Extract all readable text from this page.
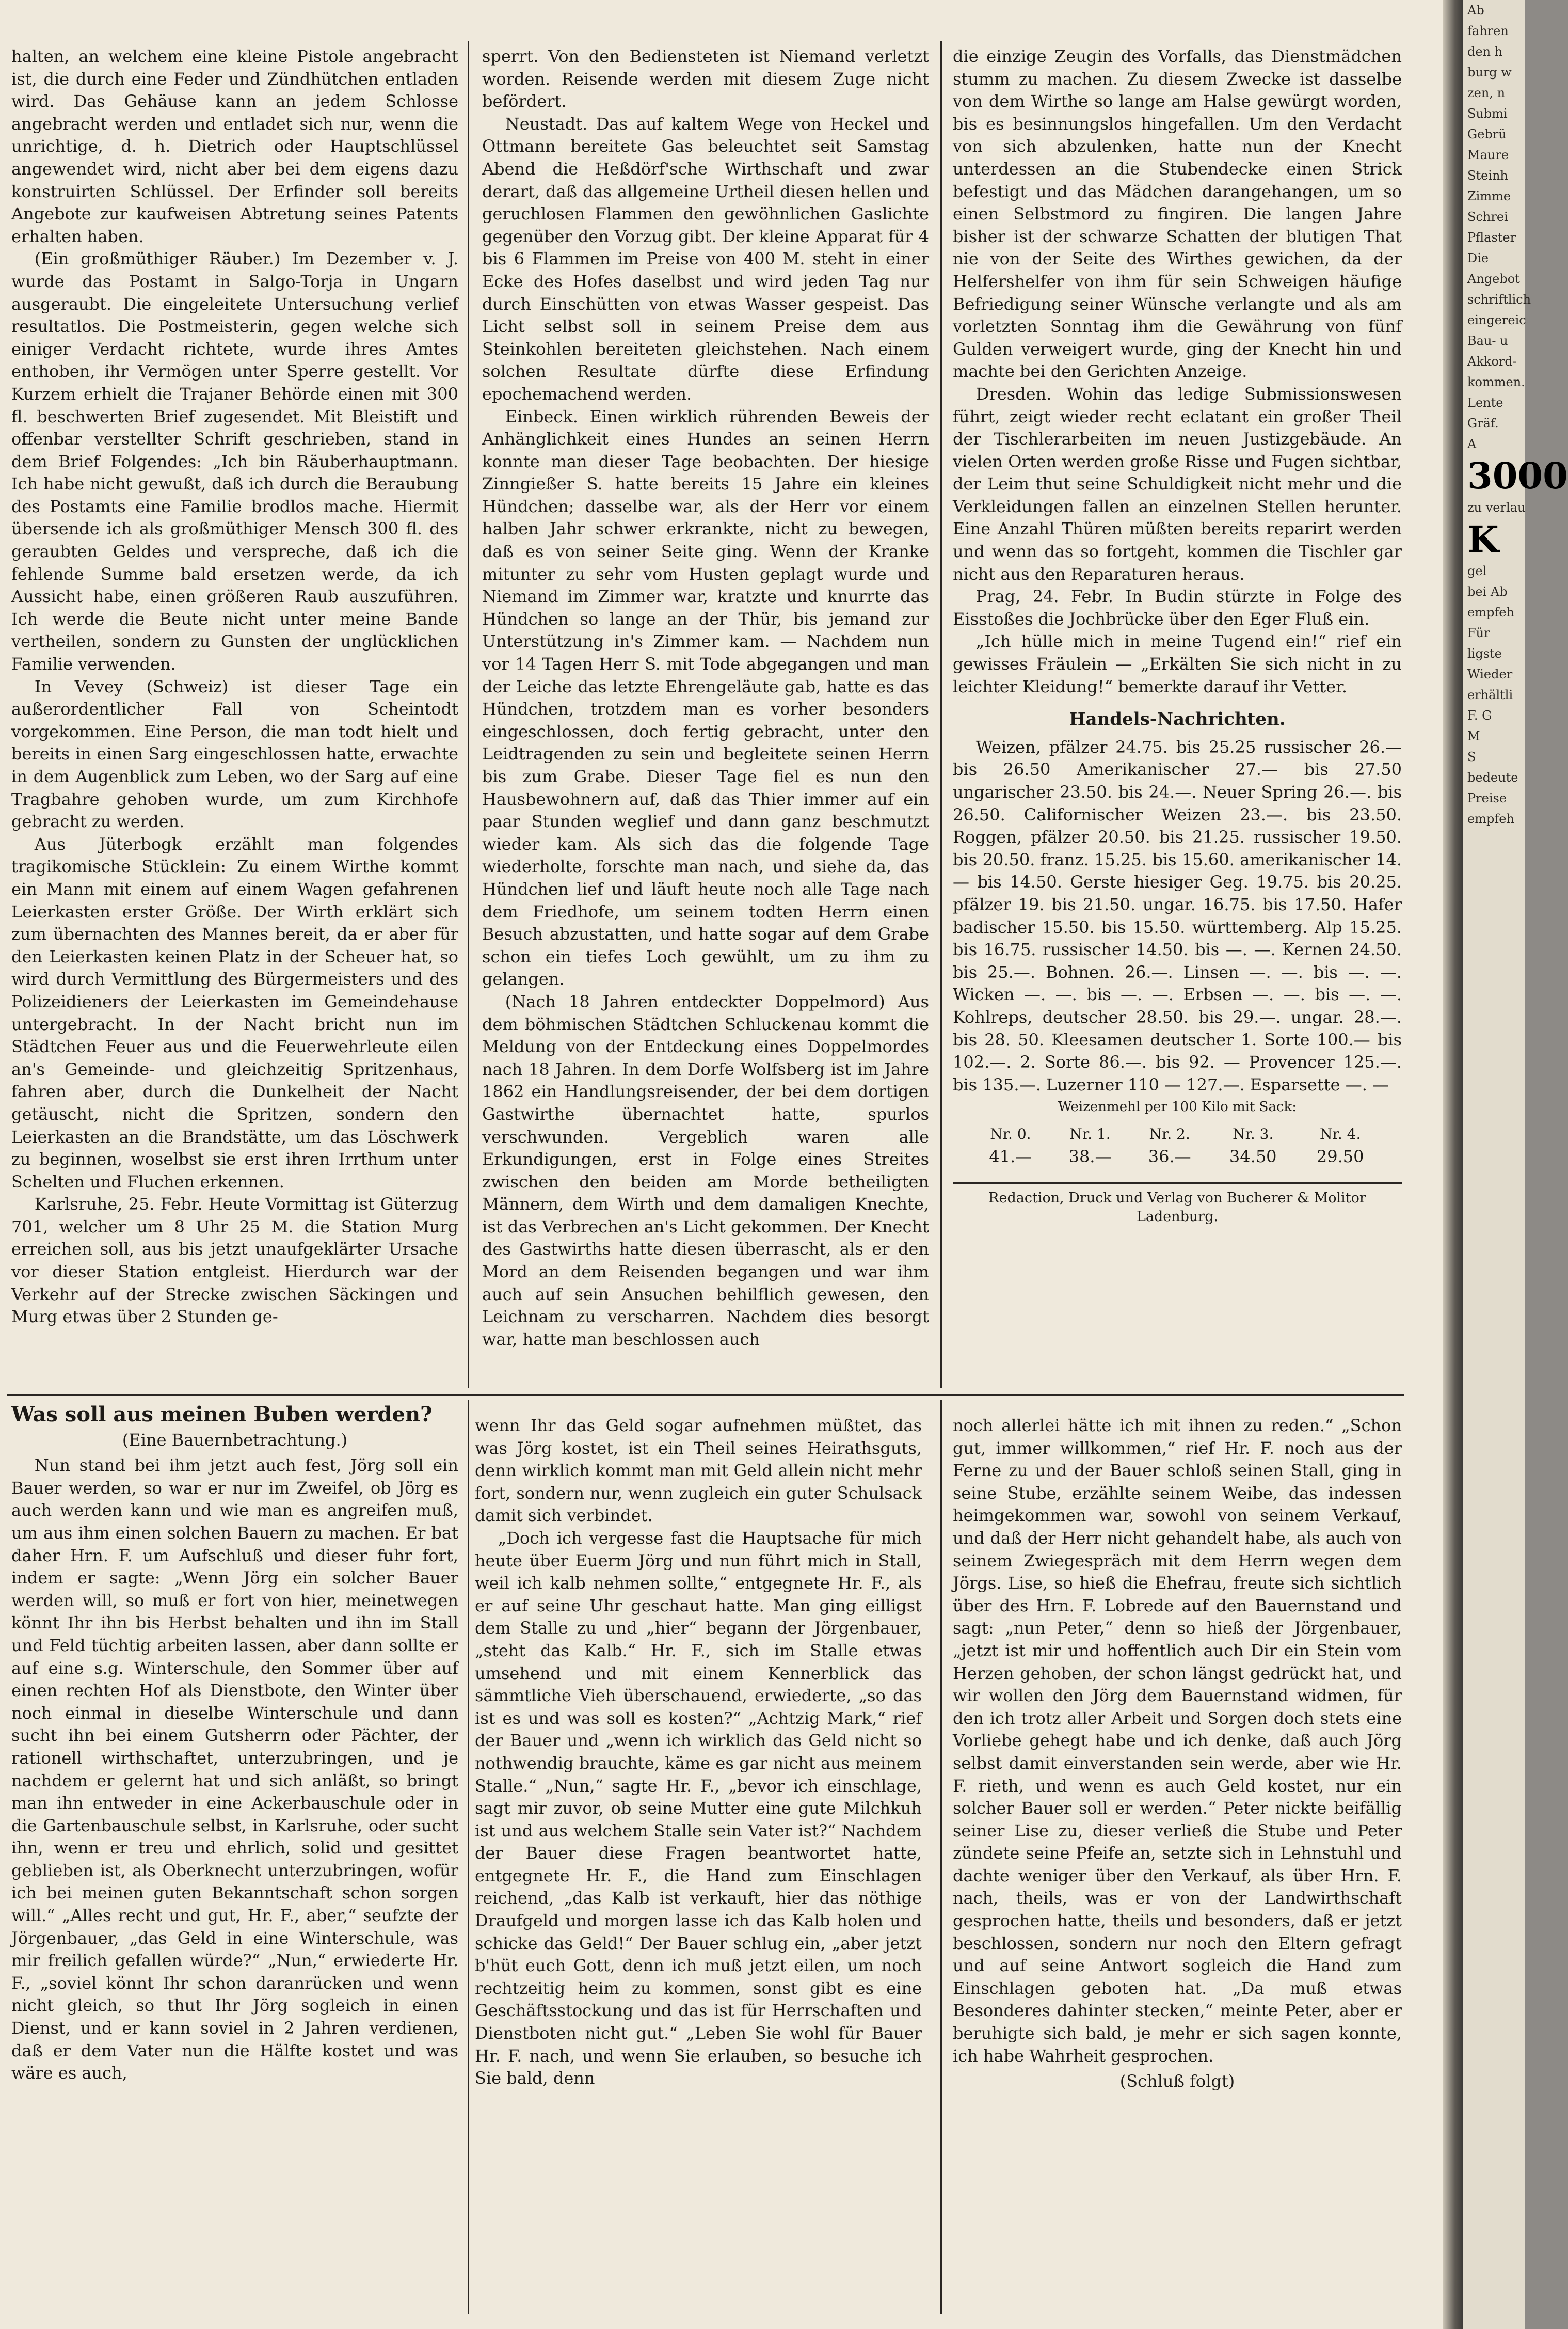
halten, an welchem eine kleine Pistole angebracht ist, die durch eine Feder und Zündhütchen entladen wird. Das Gehäuse kann an jedem Schlosse angebracht werden und entladet sich nur, wenn die unrichtige, d. h. Dietrich oder Hauptschlüssel angewendet wird, nicht aber bei dem eigens dazu konstruirten Schlüssel. Der Erfinder soll bereits Angebote zur kaufweisen Abtretung seines Patents erhalten haben.

(Ein großmüthiger Räuber.) Im Dezember v. J. wurde das Postamt in Salgo-Torja in Ungarn ausgeraubt. Die eingeleitete Untersuchung verlief resultatlos. Die Postmeisterin, gegen welche sich einiger Verdacht richtete, wurde ihres Amtes enthoben, ihr Vermögen unter Sperre gestellt. Vor Kurzem erhielt die Trajaner Behörde einen mit 300 fl. beschwerten Brief zugesendet. Mit Bleistift und offenbar verstellter Schrift geschrieben, stand in dem Brief Folgendes: „Ich bin Räuberhauptmann. Ich habe nicht gewußt, daß ich durch die Beraubung des Postamts eine Familie brodlos mache. Hiermit übersende ich als großmüthiger Mensch 300 fl. des geraubten Geldes und verspreche, daß ich die fehlende Summe bald ersetzen werde, da ich Aussicht habe, einen größeren Raub auszuführen. Ich werde die Beute nicht unter meine Bande vertheilen, sondern zu Gunsten der unglücklichen Familie verwenden.

In Vevey (Schweiz) ist dieser Tage ein außerordentlicher Fall von Scheintodt vorgekommen. Eine Person, die man todt hielt und bereits in einen Sarg eingeschlossen hatte, erwachte in dem Augenblick zum Leben, wo der Sarg auf eine Tragbahre gehoben wurde, um zum Kirchhofe gebracht zu werden.

Aus Jüterbogk erzählt man folgendes tragikomische Stücklein: Zu einem Wirthe kommt ein Mann mit einem auf einem Wagen gefahrenen Leierkasten erster Größe. Der Wirth erklärt sich zum übernachten des Mannes bereit, da er aber für den Leierkasten keinen Platz in der Scheuer hat, so wird durch Vermittlung des Bürgermeisters und des Polizeidieners der Leierkasten im Gemeindehause untergebracht. In der Nacht bricht nun im Städtchen Feuer aus und die Feuerwehrleute eilen an's Gemeinde- und gleichzeitig Spritzenhaus, fahren aber, durch die Dunkelheit der Nacht getäuscht, nicht die Spritzen, sondern den Leierkasten an die Brandstätte, um das Löschwerk zu beginnen, woselbst sie erst ihren Irrthum unter Schelten und Fluchen erkennen.

Karlsruhe, 25. Febr. Heute Vormittag ist Güterzug 701, welcher um 8 Uhr 25 M. die Station Murg erreichen soll, aus bis jetzt unaufgeklärter Ursache vor dieser Station entgleist. Hierdurch war der Verkehr auf der Strecke zwischen Säckingen und Murg etwas über 2 Stunden ge-

sperrt. Von den Bediensteten ist Niemand verletzt worden. Reisende werden mit diesem Zuge nicht befördert.

Neustadt. Das auf kaltem Wege von Heckel und Ottmann bereitete Gas beleuchtet seit Samstag Abend die Heßdörf'sche Wirthschaft und zwar derart, daß das allgemeine Urtheil diesen hellen und geruchlosen Flammen den gewöhnlichen Gaslichte gegenüber den Vorzug gibt. Der kleine Apparat für 4 bis 6 Flammen im Preise von 400 M. steht in einer Ecke des Hofes daselbst und wird jeden Tag nur durch Einschütten von etwas Wasser gespeist. Das Licht selbst soll in seinem Preise dem aus Steinkohlen bereiteten gleichstehen. Nach einem solchen Resultate dürfte diese Erfindung epochemachend werden.

Einbeck. Einen wirklich rührenden Beweis der Anhänglichkeit eines Hundes an seinen Herrn konnte man dieser Tage beobachten. Der hiesige Zinngießer S. hatte bereits 15 Jahre ein kleines Hündchen; dasselbe war, als der Herr vor einem halben Jahr schwer erkrankte, nicht zu bewegen, daß es von seiner Seite ging. Wenn der Kranke mitunter zu sehr vom Husten geplagt wurde und Niemand im Zimmer war, kratzte und knurrte das Hündchen so lange an der Thür, bis jemand zur Unterstützung in's Zimmer kam. — Nachdem nun vor 14 Tagen Herr S. mit Tode abgegangen und man der Leiche das letzte Ehrengeläute gab, hatte es das Hündchen, trotzdem man es vorher besonders eingeschlossen, doch fertig gebracht, unter den Leidtragenden zu sein und begleitete seinen Herrn bis zum Grabe. Dieser Tage fiel es nun den Hausbewohnern auf, daß das Thier immer auf ein paar Stunden weglief und dann ganz beschmutzt wieder kam. Als sich das die folgende Tage wiederholte, forschte man nach, und siehe da, das Hündchen lief und läuft heute noch alle Tage nach dem Friedhofe, um seinem todten Herrn einen Besuch abzustatten, und hatte sogar auf dem Grabe schon ein tiefes Loch gewühlt, um zu ihm zu gelangen.

(Nach 18 Jahren entdeckter Doppelmord) Aus dem böhmischen Städtchen Schluckenau kommt die Meldung von der Entdeckung eines Doppelmordes nach 18 Jahren. In dem Dorfe Wolfsberg ist im Jahre 1862 ein Handlungsreisender, der bei dem dortigen Gastwirthe übernachtet hatte, spurlos verschwunden. Vergeblich waren alle Erkundigungen, erst in Folge eines Streites zwischen den beiden am Morde betheiligten Männern, dem Wirth und dem damaligen Knechte, ist das Verbrechen an's Licht gekommen. Der Knecht des Gastwirths hatte diesen überrascht, als er den Mord an dem Reisenden begangen und war ihm auch auf sein Ansuchen behilflich gewesen, den Leichnam zu verscharren. Nachdem dies besorgt war, hatte man beschlossen auch

die einzige Zeugin des Vorfalls, das Dienstmädchen stumm zu machen. Zu diesem Zwecke ist dasselbe von dem Wirthe so lange am Halse gewürgt worden, bis es besinnungslos hingefallen. Um den Verdacht von sich abzulenken, hatte nun der Knecht unterdessen an die Stubendecke einen Strick befestigt und das Mädchen darangehangen, um so einen Selbstmord zu fingiren. Die langen Jahre bisher ist der schwarze Schatten der blutigen That nie von der Seite des Wirthes gewichen, da der Helfershelfer von ihm für sein Schweigen häufige Befriedigung seiner Wünsche verlangte und als am vorletzten Sonntag ihm die Gewährung von fünf Gulden verweigert wurde, ging der Knecht hin und machte bei den Gerichten Anzeige.

Dresden. Wohin das ledige Submissionswesen führt, zeigt wieder recht eclatant ein großer Theil der Tischlerarbeiten im neuen Justizgebäude. An vielen Orten werden große Risse und Fugen sichtbar, der Leim thut seine Schuldigkeit nicht mehr und die Verkleidungen fallen an einzelnen Stellen herunter. Eine Anzahl Thüren müßten bereits reparirt werden und wenn das so fortgeht, kommen die Tischler gar nicht aus den Reparaturen heraus.

Prag, 24. Febr. In Budin stürzte in Folge des Eisstoßes die Jochbrücke über den Eger Fluß ein.

„Ich hülle mich in meine Tugend ein!“ rief ein gewisses Fräulein — „Erkälten Sie sich nicht in zu leichter Kleidung!“ bemerkte darauf ihr Vetter.

Handels-Nachrichten.

Weizen, pfälzer 24.75. bis 25.25 russischer 26.— bis 26.50 Amerikanischer 27.— bis 27.50 ungarischer 23.50. bis 24.—. Neuer Spring 26.—. bis 26.50. Californischer Weizen 23.—. bis 23.50. Roggen, pfälzer 20.50. bis 21.25. russischer 19.50. bis 20.50. franz. 15.25. bis 15.60. amerikanischer 14.— bis 14.50. Gerste hiesiger Geg. 19.75. bis 20.25. pfälzer 19. bis 21.50. ungar. 16.75. bis 17.50. Hafer badischer 15.50. bis 15.50. württemberg. Alp 15.25. bis 16.75. russischer 14.50. bis —. —. Kernen 24.50. bis 25.—. Bohnen. 26.—. Linsen —. —. bis —. —. Wicken —. —. bis —. —. Erbsen —. —. bis —. —. Kohlreps, deutscher 28.50. bis 29.—. ungar. 28.—. bis 28. 50. Kleesamen deutscher 1. Sorte 100.— bis 102.—. 2. Sorte 86.—. bis 92. — Provencer 125.—. bis 135.—. Luzerner 110 — 127.—. Esparsette —. —

Weizenmehl per 100 Kilo mit Sack:
Nr. 0.	Nr. 1.	Nr. 2.	Nr. 3.	Nr. 4.
41.—	38.—	36.—	34.50	29.50
Redaction, Druck und Verlag von Bucherer & Molitor Ladenburg.

Was soll aus meinen Buben werden?

(Eine Bauernbetrachtung.)

Nun stand bei ihm jetzt auch fest, Jörg soll ein Bauer werden, so war er nur im Zweifel, ob Jörg es auch werden kann und wie man es angreifen muß, um aus ihm einen solchen Bauern zu machen. Er bat daher Hrn. F. um Aufschluß und dieser fuhr fort, indem er sagte: „Wenn Jörg ein solcher Bauer werden will, so muß er fort von hier, meinetwegen könnt Ihr ihn bis Herbst behalten und ihn im Stall und Feld tüchtig arbeiten lassen, aber dann sollte er auf eine s.g. Winterschule, den Sommer über auf einen rechten Hof als Dienstbote, den Winter über noch einmal in dieselbe Winterschule und dann sucht ihn bei einem Gutsherrn oder Pächter, der rationell wirthschaftet, unterzubringen, und je nachdem er gelernt hat und sich anläßt, so bringt man ihn entweder in eine Ackerbauschule oder in die Gartenbauschule selbst, in Karlsruhe, oder sucht ihn, wenn er treu und ehrlich, solid und gesittet geblieben ist, als Oberknecht unterzubringen, wofür ich bei meinen guten Bekanntschaft schon sorgen will.“ „Alles recht und gut, Hr. F., aber,“ seufzte der Jörgenbauer, „das Geld in eine Winterschule, was mir freilich gefallen würde?“ „Nun,“ erwiederte Hr. F., „soviel könnt Ihr schon daranrücken und wenn nicht gleich, so thut Ihr Jörg sogleich in einen Dienst, und er kann soviel in 2 Jahren verdienen, daß er dem Vater nun die Hälfte kostet und was wäre es auch,

wenn Ihr das Geld sogar aufnehmen müßtet, das was Jörg kostet, ist ein Theil seines Heirathsguts, denn wirklich kommt man mit Geld allein nicht mehr fort, sondern nur, wenn zugleich ein guter Schulsack damit sich verbindet.

„Doch ich vergesse fast die Hauptsache für mich heute über Euerm Jörg und nun führt mich in Stall, weil ich kalb nehmen sollte,“ entgegnete Hr. F., als er auf seine Uhr geschaut hatte. Man ging eilligst dem Stalle zu und „hier“ begann der Jörgenbauer, „steht das Kalb.“ Hr. F., sich im Stalle etwas umsehend und mit einem Kennerblick das sämmtliche Vieh überschauend, erwiederte, „so das ist es und was soll es kosten?“ „Achtzig Mark,“ rief der Bauer und „wenn ich wirklich das Geld nicht so nothwendig brauchte, käme es gar nicht aus meinem Stalle.“ „Nun,“ sagte Hr. F., „bevor ich einschlage, sagt mir zuvor, ob seine Mutter eine gute Milchkuh ist und aus welchem Stalle sein Vater ist?“ Nachdem der Bauer diese Fragen beantwortet hatte, entgegnete Hr. F., die Hand zum Einschlagen reichend, „das Kalb ist verkauft, hier das nöthige Draufgeld und morgen lasse ich das Kalb holen und schicke das Geld!“ Der Bauer schlug ein, „aber jetzt b'hüt euch Gott, denn ich muß jetzt eilen, um noch rechtzeitig heim zu kommen, sonst gibt es eine Geschäftsstockung und das ist für Herrschaften und Dienstboten nicht gut.“ „Leben Sie wohl für Bauer Hr. F. nach, und wenn Sie erlauben, so besuche ich Sie bald, denn

noch allerlei hätte ich mit ihnen zu reden.“ „Schon gut, immer willkommen,“ rief Hr. F. noch aus der Ferne zu und der Bauer schloß seinen Stall, ging in seine Stube, erzählte seinem Weibe, das indessen heimgekommen war, sowohl von seinem Verkauf, und daß der Herr nicht gehandelt habe, als auch von seinem Zwiegespräch mit dem Herrn wegen dem Jörgs. Lise, so hieß die Ehefrau, freute sich sichtlich über des Hrn. F. Lobrede auf den Bauernstand und sagt: „nun Peter,“ denn so hieß der Jörgenbauer, „jetzt ist mir und hoffentlich auch Dir ein Stein vom Herzen gehoben, der schon längst gedrückt hat, und wir wollen den Jörg dem Bauernstand widmen, für den ich trotz aller Arbeit und Sorgen doch stets eine Vorliebe gehegt habe und ich denke, daß auch Jörg selbst damit einverstanden sein werde, aber wie Hr. F. rieth, und wenn es auch Geld kostet, nur ein solcher Bauer soll er werden.“ Peter nickte beifällig seiner Lise zu, dieser verließ die Stube und Peter zündete seine Pfeife an, setzte sich in Lehnstuhl und dachte weniger über den Verkauf, als über Hrn. F. nach, theils, was er von der Landwirthschaft gesprochen hatte, theils und besonders, daß er jetzt beschlossen, sondern nur noch den Eltern gefragt und auf seine Antwort sogleich die Hand zum Einschlagen geboten hat. „Da muß etwas Besonderes dahinter stecken,“ meinte Peter, aber er beruhigte sich bald, je mehr er sich sagen konnte, ich habe Wahrheit gesprochen.

(Schluß folgt)
Ab
fahren
den h
burg w
zen, n
Submi
Gebrü
Maure
Steinh
Zimme
Schrei
Pflaster
Die
Angebot
schriftlich
eingereic
Bau- u
Akkord-
kommen.
Lente
Gräf.
A
3000
zu verlau
K
gel
bei Ab
empfeh
Für
ligste
Wieder
erhältli
F. G
M
S
bedeute
Preise
empfeh
